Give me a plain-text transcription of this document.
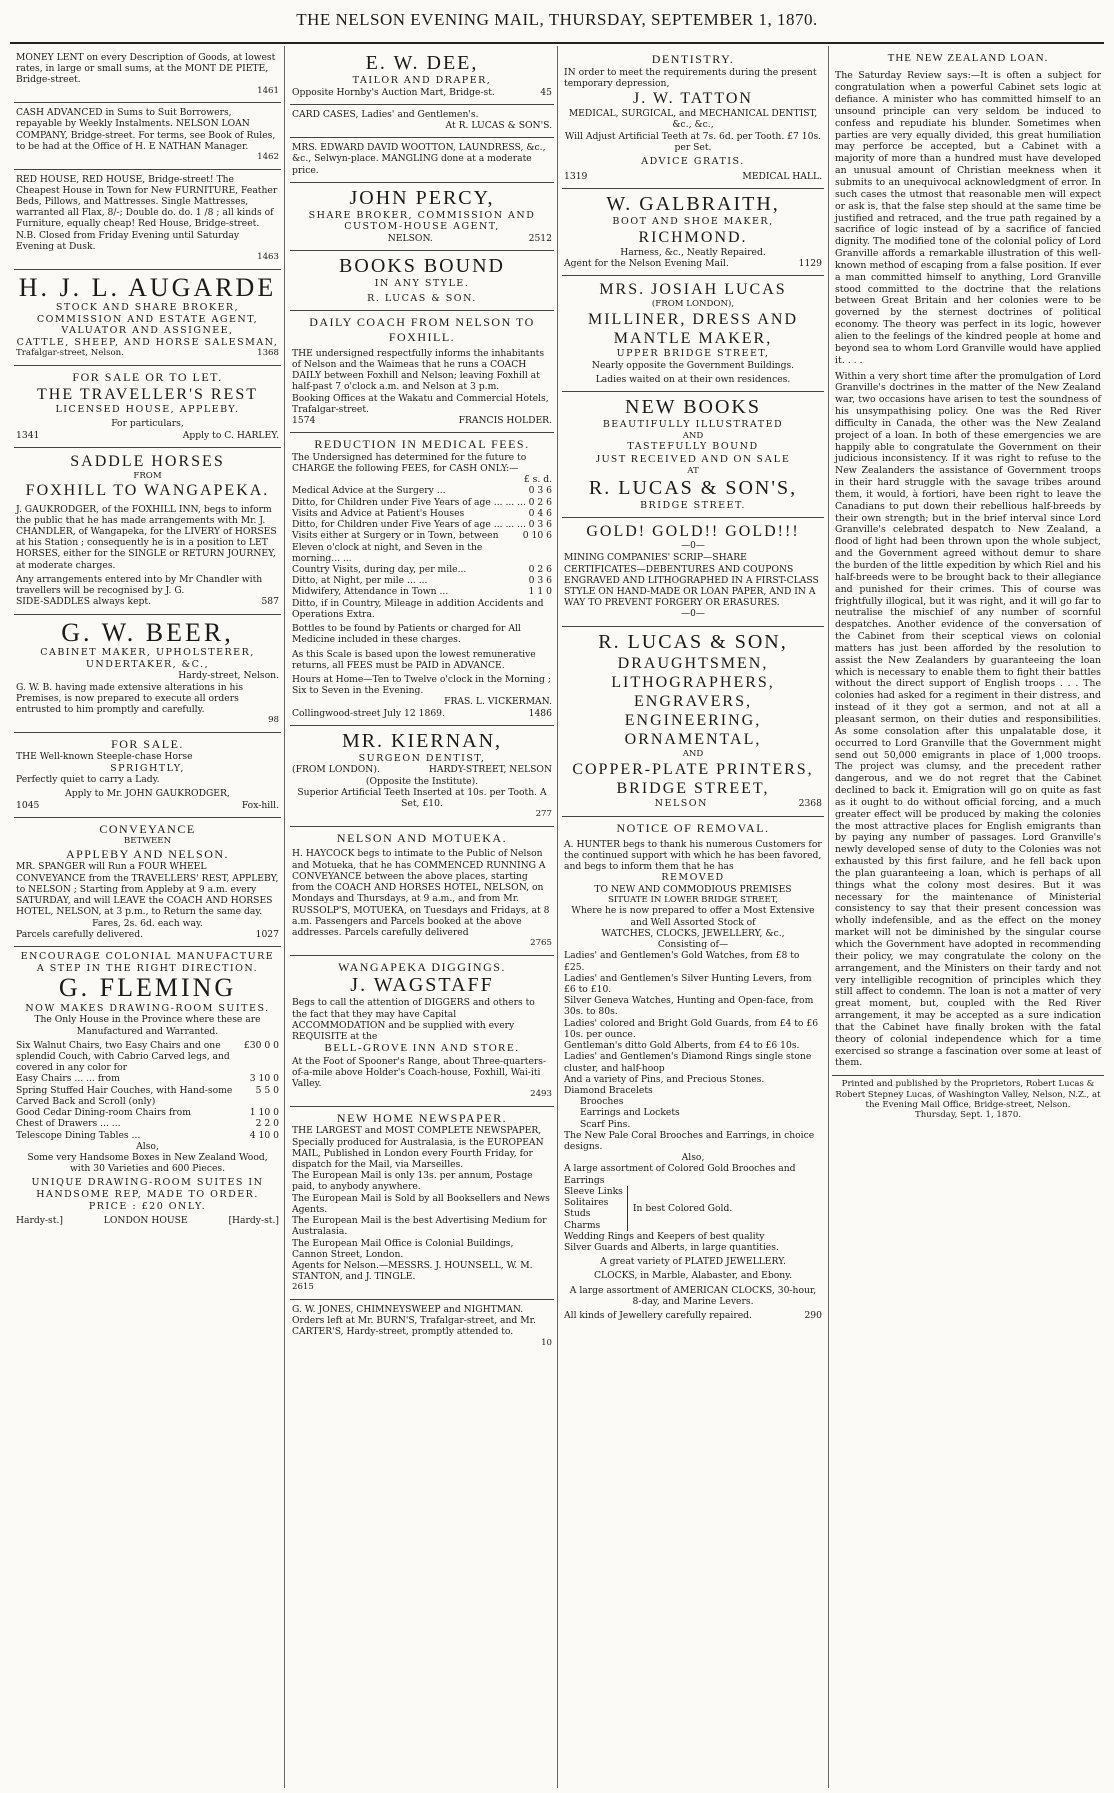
THE NELSON EVENING MAIL, THURSDAY, SEPTEMBER 1, 1870.
MONEY LENT on every Description of Goods, at lowest rates, in large or small sums, at the MONT DE PIETE, Bridge-street.
1461
CASH ADVANCED in Sums to Suit Borrowers, repayable by Weekly Instalments. NELSON LOAN COMPANY, Bridge-street. For terms, see Book of Rules, to be had at the Office of H. E NATHAN Manager.
1462
RED HOUSE, RED HOUSE, Bridge-street! The Cheapest House in Town for New FURNITURE, Feather Beds, Pillows, and Mattresses. Single Mattresses, warranted all Flax, 8/-; Double do. do. 1 /8 ; all kinds of Furniture, equally cheap! Red House, Bridge-street. N.B. Closed from Friday Evening until Saturday Evening at Dusk.
1463
H. J. L. AUGARDE
STOCK AND SHARE BROKER,
COMMISSION AND ESTATE AGENT,
VALUATOR AND ASSIGNEE,
CATTLE, SHEEP, AND HORSE SALESMAN,
Trafalgar-street, Nelson.	1368
FOR SALE OR TO LET.
THE TRAVELLER'S REST
LICENSED HOUSE, APPLEBY.
For particulars,
1341	Apply to C. HARLEY.
SADDLE HORSES
FROM
FOXHILL TO WANGAPEKA.
J. GAUKRODGER, of the FOXHILL INN, begs to inform the public that he has made arrangements with Mr. J. CHANDLER, of Wangapeka, for the LIVERY of HORSES at his Station ; consequently he is in a position to LET HORSES, either for the SINGLE or RETURN JOURNEY, at moderate charges.
Any arrangements entered into by Mr Chandler with travellers will be recognised by J. G.
SIDE-SADDLES always kept.	587
G. W. BEER,
CABINET MAKER, UPHOLSTERER,
UNDERTAKER, &C.,
Hardy-street, Nelson.
G. W. B. having made extensive alterations in his Premises, is now prepared to execute all orders entrusted to him promptly and carefully.
98
FOR SALE.
THE Well-known Steeple-chase Horse
SPRIGHTLY,
Perfectly quiet to carry a Lady.
Apply to Mr. JOHN GAUKRODGER,
1045	Fox-hill.
CONVEYANCE
BETWEEN
APPLEBY AND NELSON.
MR. SPANGER will Run a FOUR WHEEL CONVEYANCE from the TRAVELLERS' REST, APPLEBY, to NELSON ; Starting from Appleby at 9 a.m. every SATURDAY, and will LEAVE the COACH AND HORSES HOTEL, NELSON, at 3 p.m., to Return the same day.
Fares, 2s. 6d. each way.
Parcels carefully delivered.	1027
ENCOURAGE COLONIAL MANUFACTURE
A STEP IN THE RIGHT DIRECTION.
G. FLEMING
NOW MAKES DRAWING-ROOM SUITES.
The Only House in the Province where these are Manufactured and Warranted.
Six Walnut Chairs, two Easy Chairs and one splendid Couch, with Cabrio Carved legs, and covered in any color for
£30 0 0
Easy Chairs ... ... from	3 10 0
Spring Stuffed Hair Couches, with Hand-some Carved Back and Scroll (only)
5 5 0
Good Cedar Dining-room Chairs from	1 10 0
Chest of Drawers ... ...	2 2 0
Telescope Dining Tables ...	4 10 0
Also,
Some very Handsome Boxes in New Zealand Wood, with 30 Varieties and 600 Pieces.
UNIQUE DRAWING-ROOM SUITES IN HANDSOME REP, MADE TO ORDER.
PRICE : £20 ONLY.
Hardy-st.]	LONDON HOUSE	[Hardy-st.]
E. W. DEE,
TAILOR AND DRAPER,
Opposite Hornby's Auction Mart, Bridge-st.	45
CARD CASES, Ladies' and Gentlemen's.
At R. LUCAS & SON'S.
MRS. EDWARD DAVID WOOTTON, LAUNDRESS, &c., &c., Selwyn-place. MANGLING done at a moderate price.
JOHN PERCY,
SHARE BROKER, COMMISSION AND
CUSTOM-HOUSE AGENT,
NELSON.	2512
BOOKS BOUND
IN ANY STYLE.
R. LUCAS & SON.
DAILY COACH FROM NELSON TO FOXHILL.
THE undersigned respectfully informs the inhabitants of Nelson and the Waimeas that he runs a COACH DAILY between Foxhill and Nelson; leaving Foxhill at half-past 7 o'clock a.m. and Nelson at 3 p.m.
Booking Offices at the Wakatu and Commercial Hotels, Trafalgar-street.
1574	FRANCIS HOLDER.
REDUCTION IN MEDICAL FEES.
The Undersigned has determined for the future to CHARGE the following FEES, for CASH ONLY:—
£ s. d.
Medical Advice at the Surgery ...	0 3 6
Ditto, for Children under Five Years of age ... ... ... 0 2 6
Visits and Advice at Patient's Houses	0 4 6
Ditto, for Children under Five Years of age ... ... ... 0 3 6
Visits either at Surgery or in Town, between Eleven o'clock at night, and Seven in the morning... ...
0 10 6
Country Visits, during day, per mile...	0 2 6
Ditto, at Night, per mile ... ...	0 3 6
Midwifery, Attendance in Town ...	1 1 0
Ditto, if in Country, Mileage in addition Accidents and Operations Extra.
Bottles to be found by Patients or charged for All Medicine included in these charges.
As this Scale is based upon the lowest remunerative returns, all FEES must be PAID in ADVANCE.
Hours at Home—Ten to Twelve o'clock in the Morning ; Six to Seven in the Evening.
FRAS. L. VICKERMAN.
Collingwood-street July 12 1869.	1486
MR. KIERNAN,
SURGEON DENTIST,
(FROM LONDON).	HARDY-STREET, NELSON
(Opposite the Institute).
Superior Artificial Teeth Inserted at 10s. per Tooth. A Set, £10.
277
NELSON AND MOTUEKA.
H. HAYCOCK begs to intimate to the Public of Nelson and Motueka, that he has COMMENCED RUNNING A CONVEYANCE between the above places, starting from the COACH AND HORSES HOTEL, NELSON, on Mondays and Thursdays, at 9 a.m., and from Mr. RUSSOLP'S, MOTUEKA, on Tuesdays and Fridays, at 8 a.m. Passengers and Parcels booked at the above addresses. Parcels carefully delivered
2765
WANGAPEKA DIGGINGS.
J. WAGSTAFF
Begs to call the attention of DIGGERS and others to the fact that they may have Capital ACCOMMODATION and be supplied with every REQUISITE at the
BELL-GROVE INN AND STORE.
At the Foot of Spooner's Range, about Three-quarters-of-a-mile above Holder's Coach-house, Foxhill, Wai-iti Valley.
2493
NEW HOME NEWSPAPER.
THE LARGEST and MOST COMPLETE NEWSPAPER, Specially produced for Australasia, is the EUROPEAN MAIL, Published in London every Fourth Friday, for dispatch for the Mail, via Marseilles.
The European Mail is only 13s. per annum, Postage paid, to anybody anywhere.
The European Mail is Sold by all Booksellers and News Agents.
The European Mail is the best Advertising Medium for Australasia.
The European Mail Office is Colonial Buildings, Cannon Street, London.
Agents for Nelson.—MESSRS. J. HOUNSELL, W. M. STANTON, and J. TINGLE.
2615
G. W. JONES, CHIMNEYSWEEP and NIGHTMAN. Orders left at Mr. BURN'S, Trafalgar-street, and Mr. CARTER'S, Hardy-street, promptly attended to.
10
DENTISTRY.
IN order to meet the requirements during the present temporary depression,
J. W. TATTON
MEDICAL, SURGICAL, and MECHANICAL DENTIST, &c., &c.,
Will Adjust Artificial Teeth at 7s. 6d. per Tooth. £7 10s. per Set.
ADVICE GRATIS.
1319	MEDICAL HALL.
W. GALBRAITH,
BOOT AND SHOE MAKER,
RICHMOND.
Harness, &c., Neatly Repaired.
Agent for the Nelson Evening Mail.	1129
MRS. JOSIAH LUCAS
(FROM LONDON),
MILLINER, DRESS AND MANTLE MAKER,
UPPER BRIDGE STREET,
Nearly opposite the Government Buildings.
Ladies waited on at their own residences.
NEW BOOKS
BEAUTIFULLY ILLUSTRATED
AND
TASTEFULLY BOUND
JUST RECEIVED AND ON SALE
AT
R. LUCAS & SON'S,
BRIDGE STREET.
GOLD! GOLD!! GOLD!!!
—0—
MINING COMPANIES' SCRIP—SHARE CERTIFICATES—DEBENTURES AND COUPONS ENGRAVED AND LITHOGRAPHED IN A FIRST-CLASS STYLE ON HAND-MADE OR LOAN PAPER, AND IN A WAY TO PREVENT FORGERY OR ERASURES.
—0—
R. LUCAS & SON,
DRAUGHTSMEN,
LITHOGRAPHERS, ENGRAVERS,
ENGINEERING, ORNAMENTAL,
AND
COPPER-PLATE PRINTERS,
BRIDGE STREET,
NELSON	2368
NOTICE OF REMOVAL.
A. HUNTER begs to thank his numerous Customers for the continued support with which he has been favored, and begs to inform them that he has
REMOVED
TO NEW AND COMMODIOUS PREMISES
SITUATE IN LOWER BRIDGE STREET,
Where he is now prepared to offer a Most Extensive and Well Assorted Stock of
WATCHES, CLOCKS, JEWELLERY, &c.,
Consisting of—
Ladies' and Gentlemen's Gold Watches, from £8 to £25.
Ladies' and Gentlemen's Silver Hunting Levers, from £6 to £10.
Silver Geneva Watches, Hunting and Open-face, from 30s. to 80s.
Ladies' colored and Bright Gold Guards, from £4 to £6 10s. per ounce.
Gentleman's ditto Gold Alberts, from £4 to £6 10s.
Ladies' and Gentlemen's Diamond Rings single stone cluster, and half-hoop
And a variety of Pins, and Precious Stones.
Diamond Bracelets
Brooches
Earrings and Lockets
Scarf Pins.
The New Pale Coral Brooches and Earrings, in choice designs.
Also,
A large assortment of Colored Gold Brooches and Earrings
Sleeve Links
Solitaires
Studs
Charms
In best Colored Gold.
Wedding Rings and Keepers of best quality
Silver Guards and Alberts, in large quantities.
A great variety of PLATED JEWELLERY.
CLOCKS, in Marble, Alabaster, and Ebony.
A large assortment of AMERICAN CLOCKS, 30-hour, 8-day, and Marine Levers.
All kinds of Jewellery carefully repaired.	290
THE NEW ZEALAND LOAN.
The Saturday Review says:—It is often a subject for congratulation when a powerful Cabinet sets logic at defiance. A minister who has committed himself to an unsound principle can very seldom be induced to confess and repudiate his blunder. Sometimes when parties are very equally divided, this great humiliation may perforce be accepted, but a Cabinet with a majority of more than a hundred must have developed an unusual amount of Christian meekness when it submits to an unequivocal acknowledgment of error. In such cases the utmost that reasonable men will expect or ask is, that the false step should at the same time be justified and retraced, and the true path regained by a sacrifice of logic instead of by a sacrifice of fancied dignity. The modified tone of the colonial policy of Lord Granville affords a remarkable illustration of this well-known method of escaping from a false position. If ever a man committed himself to anything, Lord Granville stood committed to the doctrine that the relations between Great Britain and her colonies were to be governed by the sternest doctrines of political economy. The theory was perfect in its logic, however alien to the feelings of the kindred people at home and beyond sea to whom Lord Granville would have applied it. . . .
Within a very short time after the promulgation of Lord Granville's doctrines in the matter of the New Zealand war, two occasions have arisen to test the soundness of his unsympathising policy. One was the Red River difficulty in Canada, the other was the New Zealand project of a loan. In both of these emergencies we are happily able to congratulate the Government on their judicious inconsistency. If it was right to refuse to the New Zealanders the assistance of Government troops in their hard struggle with the savage tribes around them, it would, à fortiori, have been right to leave the Canadians to put down their rebellious half-breeds by their own strength; but in the brief interval since Lord Granville's celebrated despatch to New Zealand, a flood of light had been thrown upon the whole subject, and the Government agreed without demur to share the burden of the little expedition by which Riel and his half-breeds were to be brought back to their allegiance and punished for their crimes. This of course was frightfully illogical, but it was right, and it will go far to neutralise the mischief of any number of scornful despatches. Another evidence of the conversation of the Cabinet from their sceptical views on colonial matters has just been afforded by the resolution to assist the New Zealanders by guaranteeing the loan which is necessary to enable them to fight their battles without the direct support of English troops . . . The colonies had asked for a regiment in their distress, and instead of it they got a sermon, and not at all a pleasant sermon, on their duties and responsibilities. As some consolation after this unpalatable dose, it occurred to Lord Granville that the Government might send out 50,000 emigrants in place of 1,000 troops. The project was clumsy, and the precedent rather dangerous, and we do not regret that the Cabinet declined to back it. Emigration will go on quite as fast as it ought to do without official forcing, and a much greater effect will be produced by making the colonies the most attractive places for English emigrants than by paying any number of passages. Lord Granville's newly developed sense of duty to the Colonies was not exhausted by this first failure, and he fell back upon the plan guaranteeing a loan, which is perhaps of all things what the colony most desires. But it was necessary for the maintenance of Ministerial consistency to say that their present concession was wholly indefensible, and as the effect on the money market will not be diminished by the singular course which the Government have adopted in recommending their policy, we may congratulate the colony on the arrangement, and the Ministers on their tardy and not very intelligible recognition of principles which they still affect to condemn. The loan is not a matter of very great moment, but, coupled with the Red River arrangement, it may be accepted as a sure indication that the Cabinet have finally broken with the fatal theory of colonial independence which for a time exercised so strange a fascination over some at least of them.
Printed and published by the Proprietors, Robert Lucas & Robert Stepney Lucas, of Washington Valley, Nelson, N.Z., at the Evening Mail Office, Bridge-street, Nelson.
Thursday, Sept. 1, 1870.
